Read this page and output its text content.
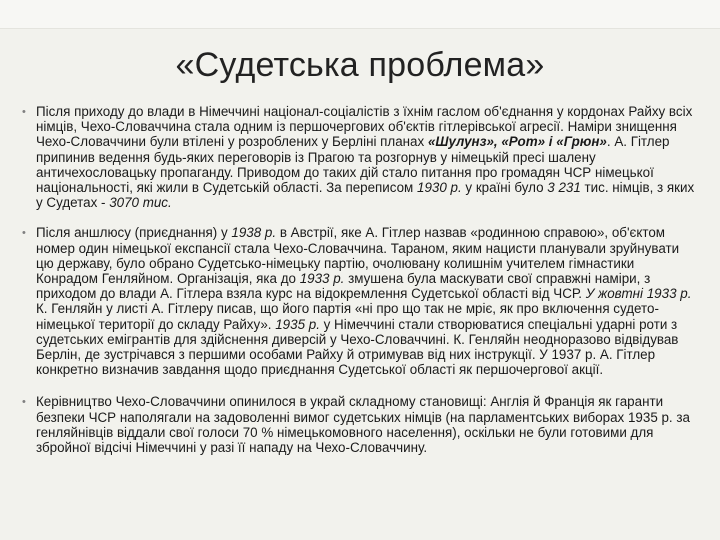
«Судетська проблема»
• Після приходу до влади в Німеччині націонал-соціалістів з їхнім гаслом об'єднання у кордонах Райху всіх німців, Чехо-Словаччина стала одним із першочергових об'єктів гітлерівської агресії. Наміри знищення Чехо-Словаччини були втілені у розроблених у Берліні планах «Шулунз», «Рот» і «Грюн». А. Гітлер припинив ведення будь-яких переговорів із Прагою та розгорнув у німецькій пресі шалену античехословацьку пропаганду. Приводом до таких дій стало питання про громадян ЧСР німецької національності, які жили в Судетській області. За переписом 1930 р. у країні було 3 231 тис. німців, з яких у Судетах - 3070 тис.
• Після аншлюсу (приєднання) у 1938 р. в Австрії, яке А. Гітлер назвав «родинною справою», об'єктом номер один німецької експансії стала Чехо-Словаччина. Тараном, яким нацисти планували зруйнувати цю державу, було обрано Судетсько-німецьку партію, очолювану колишнім учителем гімнастики Конрадом Генляйном. Організація, яка до 1933 р. змушена була маскувати свої справжні наміри, з приходом до влади А. Гітлера взяла курс на відокремлення Судетської області від ЧСР. У жовтні 1933 р. К. Генляйн у листі А. Гітлеру писав, що його партія «ні про що так не мріє, як про включення судето-німецької території до складу Райху». 1935 р. у Німеччині стали створюватися спеціальні ударні роти з судетських емігрантів для здійснення диверсій у Чехо-Словаччині. К. Генляйн неодноразово відвідував Берлін, де зустрічався з першими особами Райху й отримував від них інструкції. У 1937 р. А. Гітлер конкретно визначив завдання щодо приєднання Судетської області як першочергової акції.
• Керівництво Чехо-Словаччини опинилося в украй складному становищі: Англія й Франція як гаранти безпеки ЧСР наполягали на задоволенні вимог судетських німців (на парламентських виборах 1935 р. за генляйнівців віддали свої голоси 70 % німецькомовного населення), оскільки не були готовими для збройної відсічі Німеччині у разі її нападу на Чехо-Словаччину.
